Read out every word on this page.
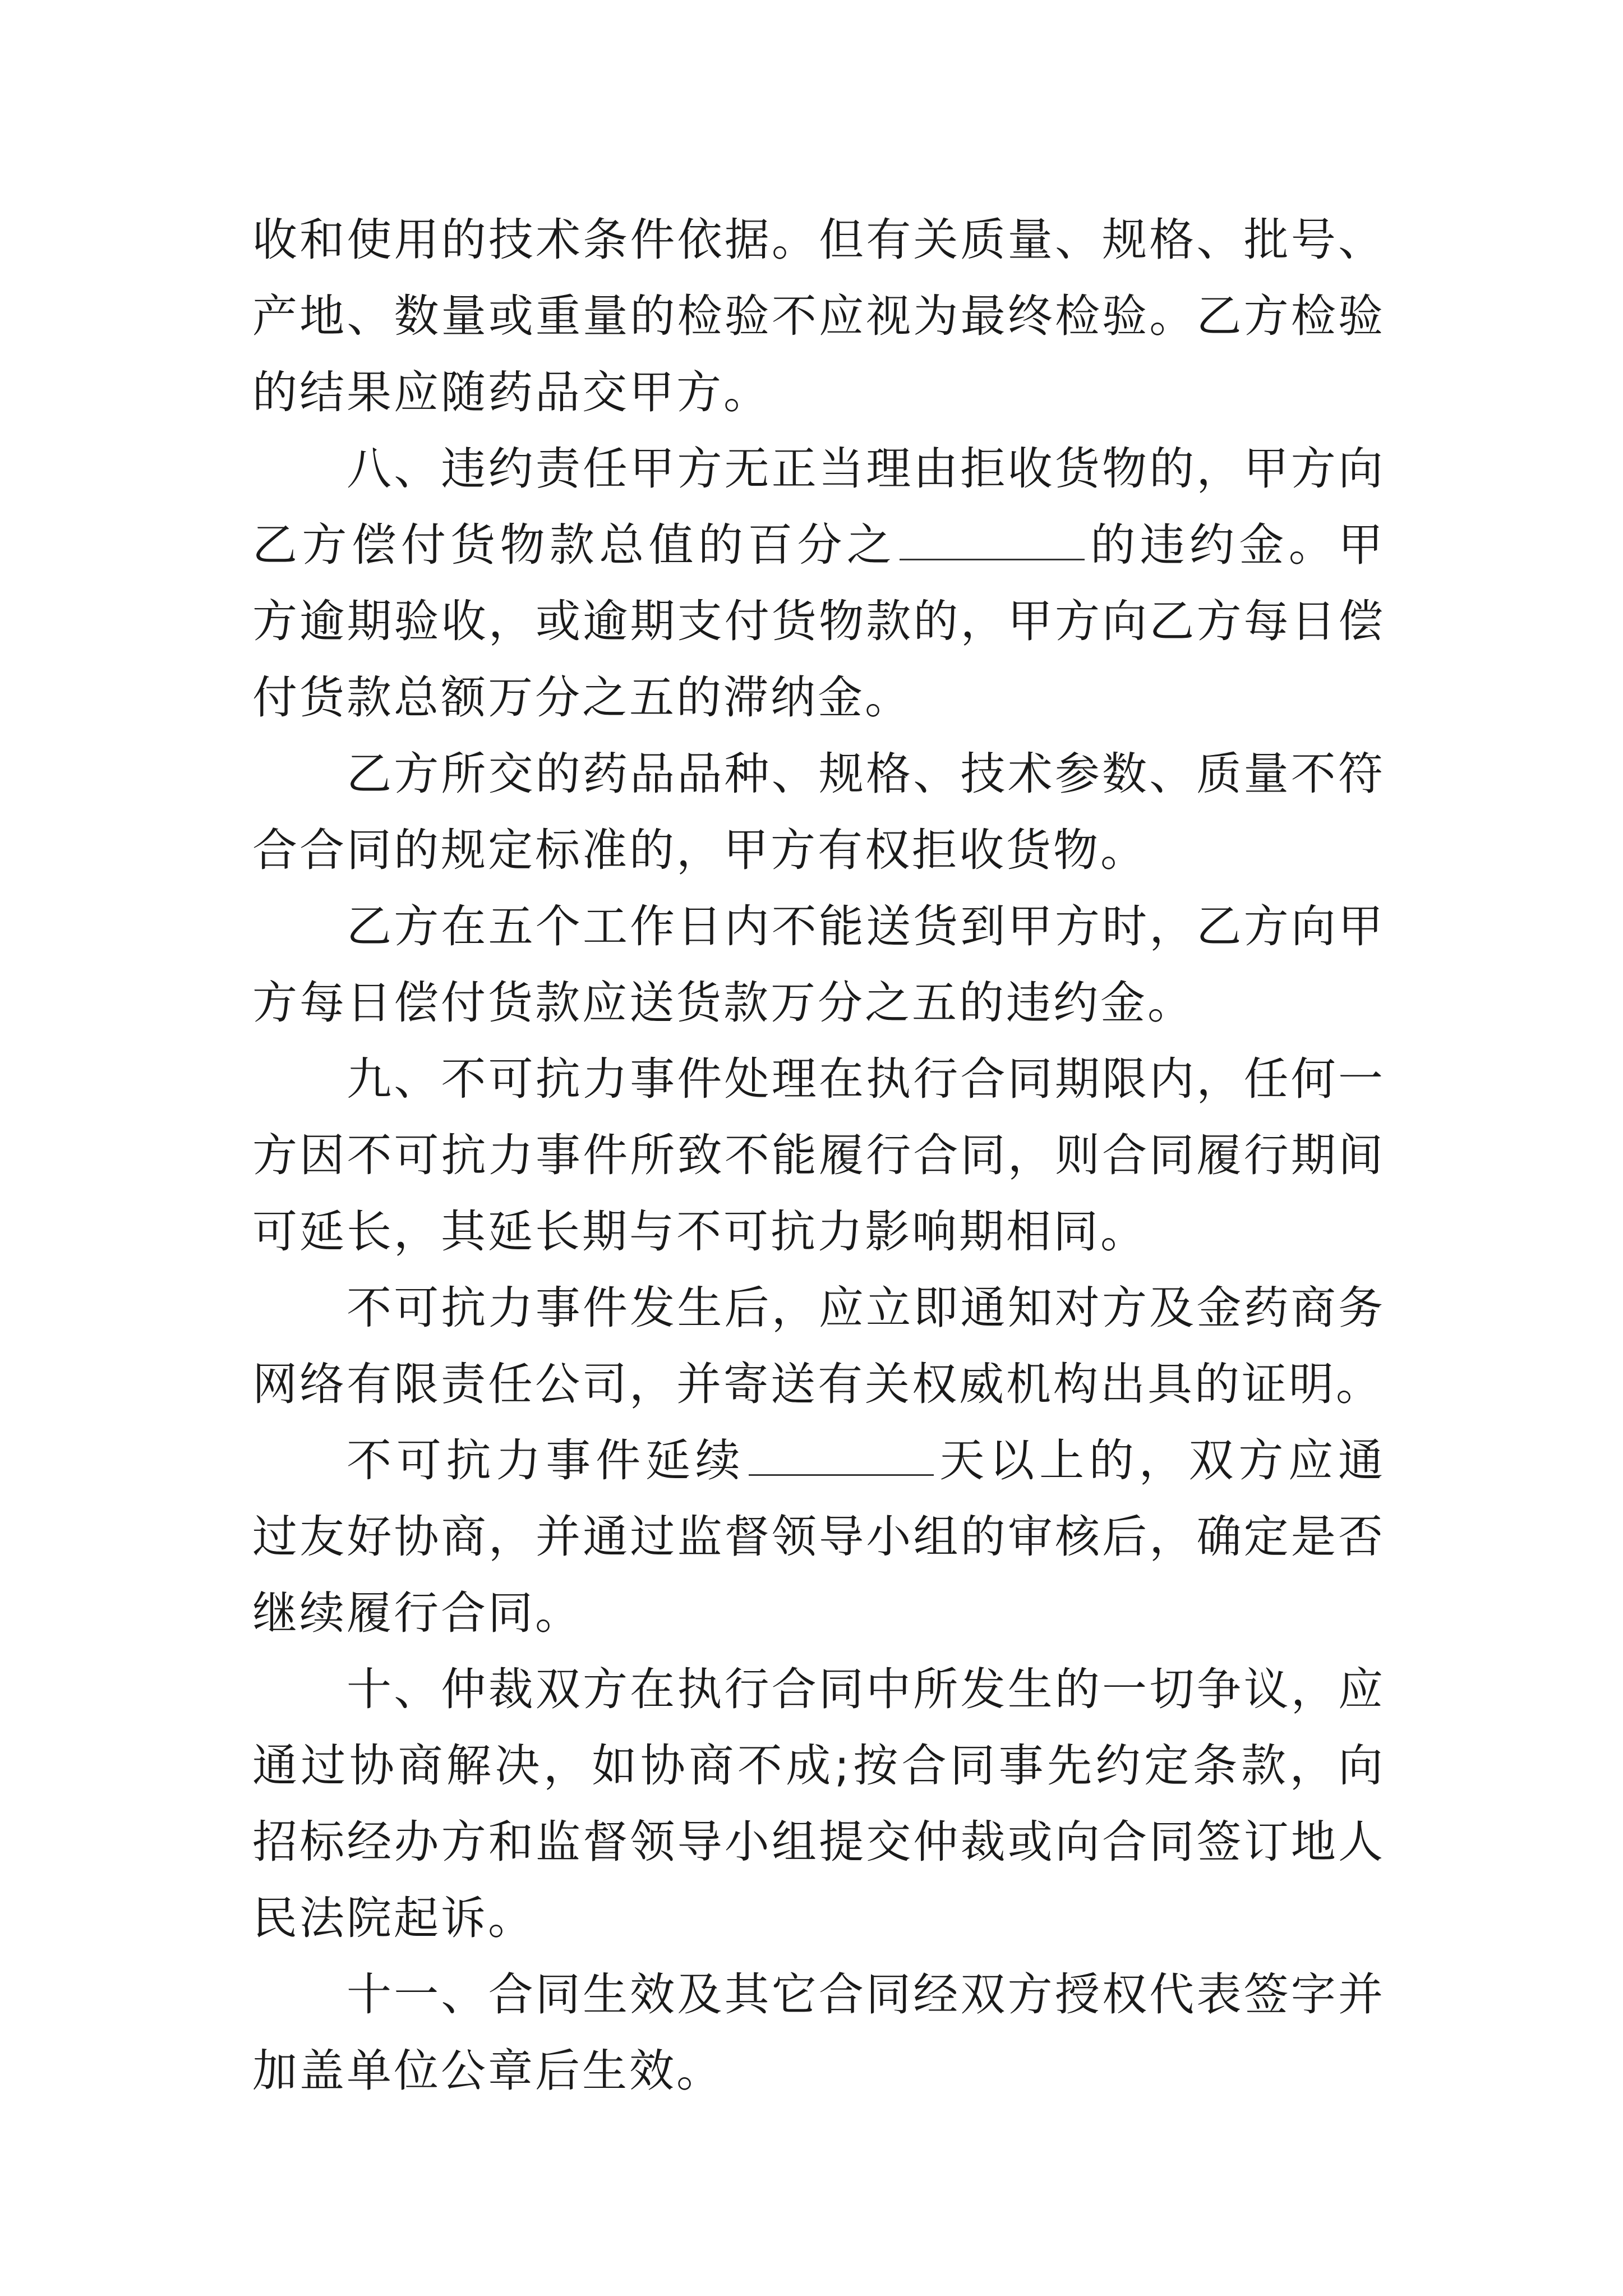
收和使用的技术条件依据。但有关质量、规格、批号、产地、数量或重量的检验不应视为最终检验。乙方检验的结果应随药品交甲方。

八、违约责任甲方无正当理由拒收货物的，甲方向乙方偿付货物款总值的百分之	的违约金。甲方逾期验收，或逾期支付货物款的，甲方向乙方每日偿付货款总额万分之五的滞纳金。

乙方所交的药品品种、规格、技术参数、质量不符合合同的规定标准的，甲方有权拒收货物。

乙方在五个工作日内不能送货到甲方时，乙方向甲方每日偿付货款应送货款万分之五的违约金。

九、不可抗力事件处理在执行合同期限内，任何一方因不可抗力事件所致不能履行合同，则合同履行期间可延长，其延长期与不可抗力影响期相同。

不可抗力事件发生后，应立即通知对方及金药商务网络有限责任公司，并寄送有关权威机构出具的证明。

不可抗力事件延续	天以上的，双方应通过友好协商，并通过监督领导小组的审核后，确定是否继续履行合同。

十、仲裁双方在执行合同中所发生的一切争议，应通过协商解决，如协商不成;按合同事先约定条款，向招标经办方和监督领导小组提交仲裁或向合同签订地人民法院起诉。

十一、合同生效及其它合同经双方授权代表签字并加盖单位公章后生效。
